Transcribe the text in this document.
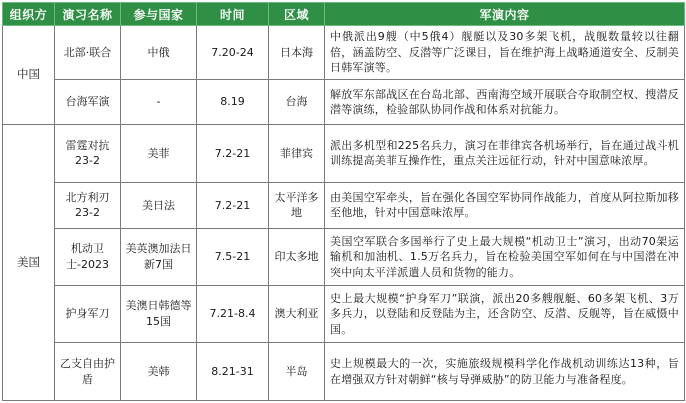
组织方	演习名称	参与国家	时间	区域	军演内容
中国	北部·联合	中俄	7.20-24	日本海	中俄派出9艘（中5俄4）舰艇以及30多架飞机，战舰数量较以往翻倍，涵盖防空、反潜等广泛课目，旨在维护海上战略通道安全、反制美日韩军演等。
	台海军演	-	8.19	台海	解放军东部战区在台岛北部、西南海空域开展联合夺取制空权、搜潜反潜等演练，检验部队协同作战和体系对抗能力。
美国	雷霆对抗23-2	美菲	7.2-21	菲律宾	派出多机型和225名兵力，演习在菲律宾各机场举行，旨在通过战斗机训练提高美菲互操作性，重点关注远征行动，针对中国意味浓厚。
	北方利刃23-2	美日法	7.2-21	太平洋多地	由美国空军牵头，旨在强化各国空军协同作战能力，首度从阿拉斯加移至他地，针对中国意味浓厚。
	机动卫士-2023	美英澳加法日新7国	7.5-21	印太多地	美国空军联合多国举行了史上最大规模“机动卫士”演习，出动70架运输机和加油机、1.5万名兵力，旨在检验美国空军如何在与中国潜在冲突中向太平洋派遣人员和货物的能力。
	护身军刀	美澳日韩德等15国	7.21-8.4	澳大利亚	史上最大规模“护身军刀”联演，派出20多艘舰艇、60多架飞机、3万多兵力，以登陆和反登陆为主，还含防空、反潜、反舰等，旨在威慑中国。
	乙支自由护盾	美韩	8.21-31	半岛	史上规模最大的一次，实施旅级规模科学化作战机动训练达13种，旨在增强双方针对朝鲜“核与导弹威胁”的防卫能力与准备程度。
